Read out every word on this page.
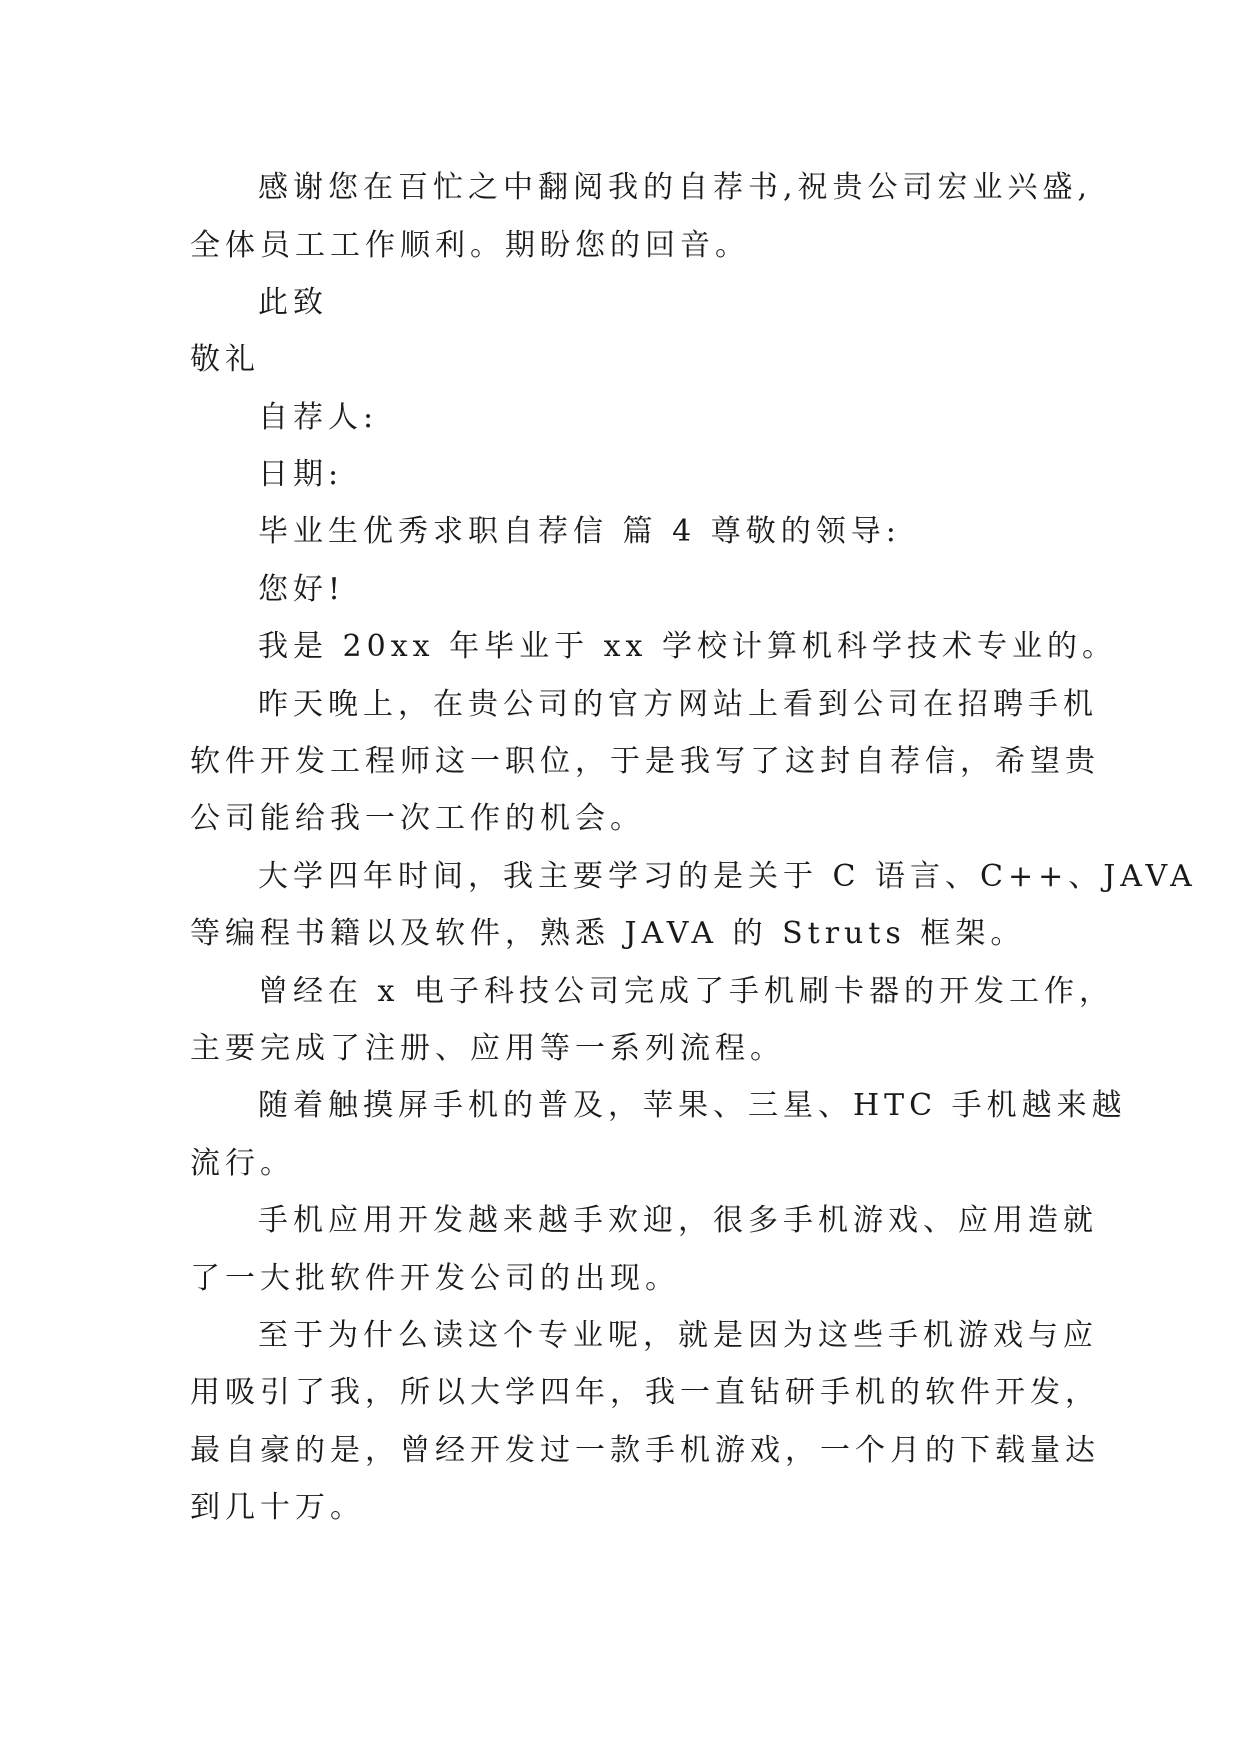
感谢您在百忙之中翻阅我的自荐书,祝贵公司宏业兴盛,
全体员工工作顺利。期盼您的回音。
此致
敬礼
自荐人:
日期:
毕业生优秀求职自荐信 篇 4 尊敬的领导:
您好!
我是 20xx 年毕业于 xx 学校计算机科学技术专业的。
昨天晚上，在贵公司的官方网站上看到公司在招聘手机
软件开发工程师这一职位，于是我写了这封自荐信，希望贵
公司能给我一次工作的机会。
大学四年时间，我主要学习的是关于 C 语言、C++、JAVA
等编程书籍以及软件，熟悉 JAVA 的 Struts 框架。
曾经在 x 电子科技公司完成了手机刷卡器的开发工作，
主要完成了注册、应用等一系列流程。
随着触摸屏手机的普及，苹果、三星、HTC 手机越来越
流行。
手机应用开发越来越手欢迎，很多手机游戏、应用造就
了一大批软件开发公司的出现。
至于为什么读这个专业呢，就是因为这些手机游戏与应
用吸引了我，所以大学四年，我一直钻研手机的软件开发，
最自豪的是，曾经开发过一款手机游戏，一个月的下载量达
到几十万。
